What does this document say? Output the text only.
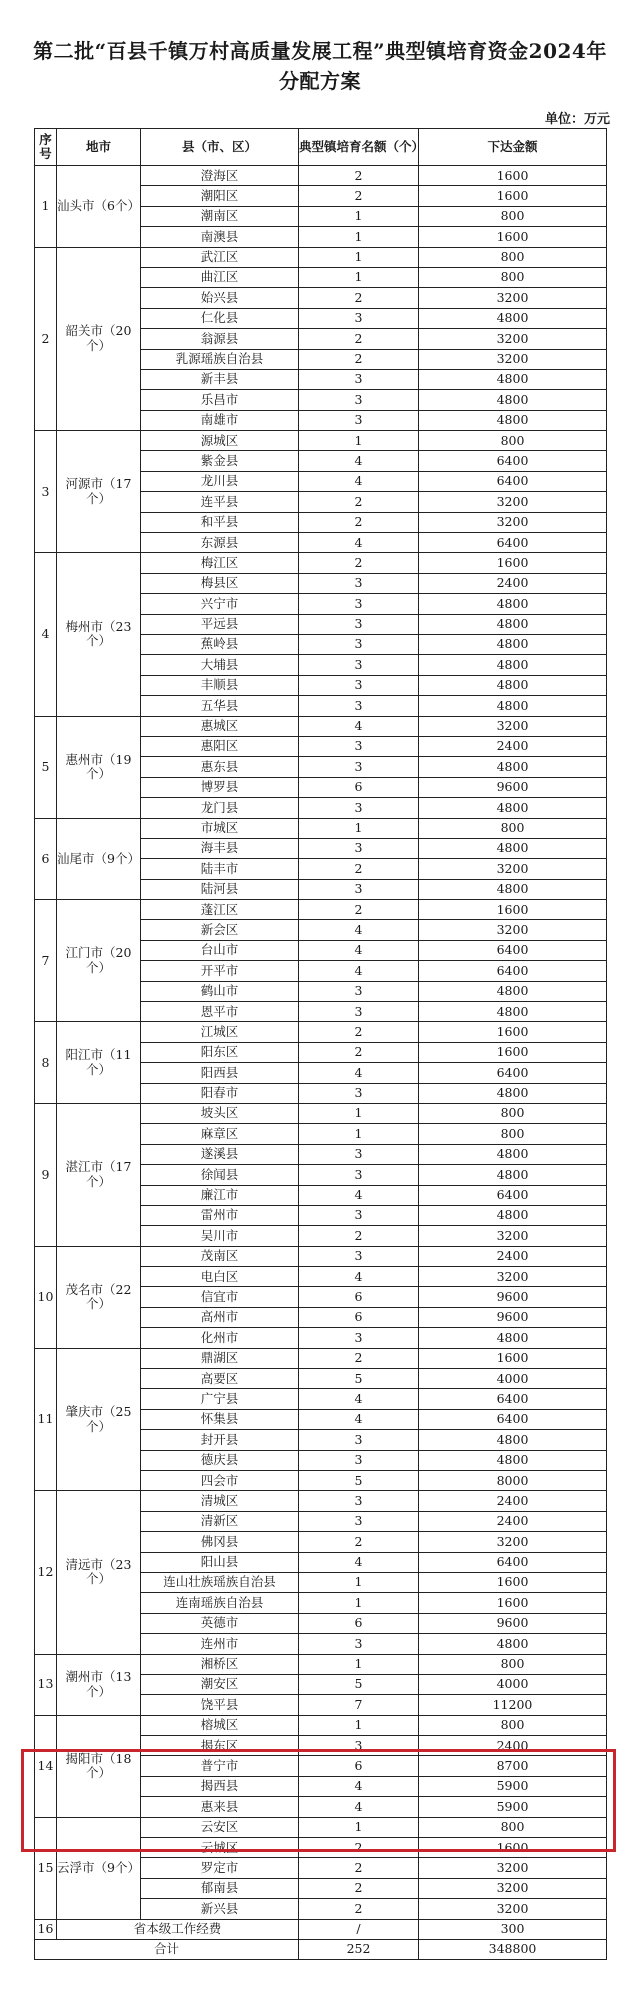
第二批“百县千镇万村高质量发展工程”典型镇培育资金2024年分配方案
单位：万元
序号	地市	县（市、区）	典型镇培育名额（个）	下达金额
1	汕头市（6个）	澄海区	2	1600
		潮阳区	2	1600
		潮南区	1	800
		南澳县	1	1600
2	韶关市（20个）	武江区	1	800
		曲江区	1	800
		始兴县	2	3200
		仁化县	3	4800
		翁源县	2	3200
		乳源瑶族自治县	2	3200
		新丰县	3	4800
		乐昌市	3	4800
		南雄市	3	4800
3	河源市（17个）	源城区	1	800
		紫金县	4	6400
		龙川县	4	6400
		连平县	2	3200
		和平县	2	3200
		东源县	4	6400
4	梅州市（23个）	梅江区	2	1600
		梅县区	3	2400
		兴宁市	3	4800
		平远县	3	4800
		蕉岭县	3	4800
		大埔县	3	4800
		丰顺县	3	4800
		五华县	3	4800
5	惠州市（19个）	惠城区	4	3200
		惠阳区	3	2400
		惠东县	3	4800
		博罗县	6	9600
		龙门县	3	4800
6	汕尾市（9个）	市城区	1	800
		海丰县	3	4800
		陆丰市	2	3200
		陆河县	3	4800
7	江门市（20个）	蓬江区	2	1600
		新会区	4	3200
		台山市	4	6400
		开平市	4	6400
		鹤山市	3	4800
		恩平市	3	4800
8	阳江市（11个）	江城区	2	1600
		阳东区	2	1600
		阳西县	4	6400
		阳春市	3	4800
9	湛江市（17个）	坡头区	1	800
		麻章区	1	800
		遂溪县	3	4800
		徐闻县	3	4800
		廉江市	4	6400
		雷州市	3	4800
		吴川市	2	3200
10	茂名市（22个）	茂南区	3	2400
		电白区	4	3200
		信宜市	6	9600
		高州市	6	9600
		化州市	3	4800
11	肇庆市（25个）	鼎湖区	2	1600
		高要区	5	4000
		广宁县	4	6400
		怀集县	4	6400
		封开县	3	4800
		德庆县	3	4800
		四会市	5	8000
12	清远市（23个）	清城区	3	2400
		清新区	3	2400
		佛冈县	2	3200
		阳山县	4	6400
		连山壮族瑶族自治县	1	1600
		连南瑶族自治县	1	1600
		英德市	6	9600
		连州市	3	4800
13	潮州市（13个）	湘桥区	1	800
		潮安区	5	4000
		饶平县	7	11200
14	揭阳市（18个）	榕城区	1	800
		揭东区	3	2400
		普宁市	6	8700
		揭西县	4	5900
		惠来县	4	5900
15	云浮市（9个）	云安区	1	800
		云城区	2	1600
		罗定市	2	3200
		郁南县	2	3200
		新兴县	2	3200
16	省本级工作经费		/	300
合计			252	348800
